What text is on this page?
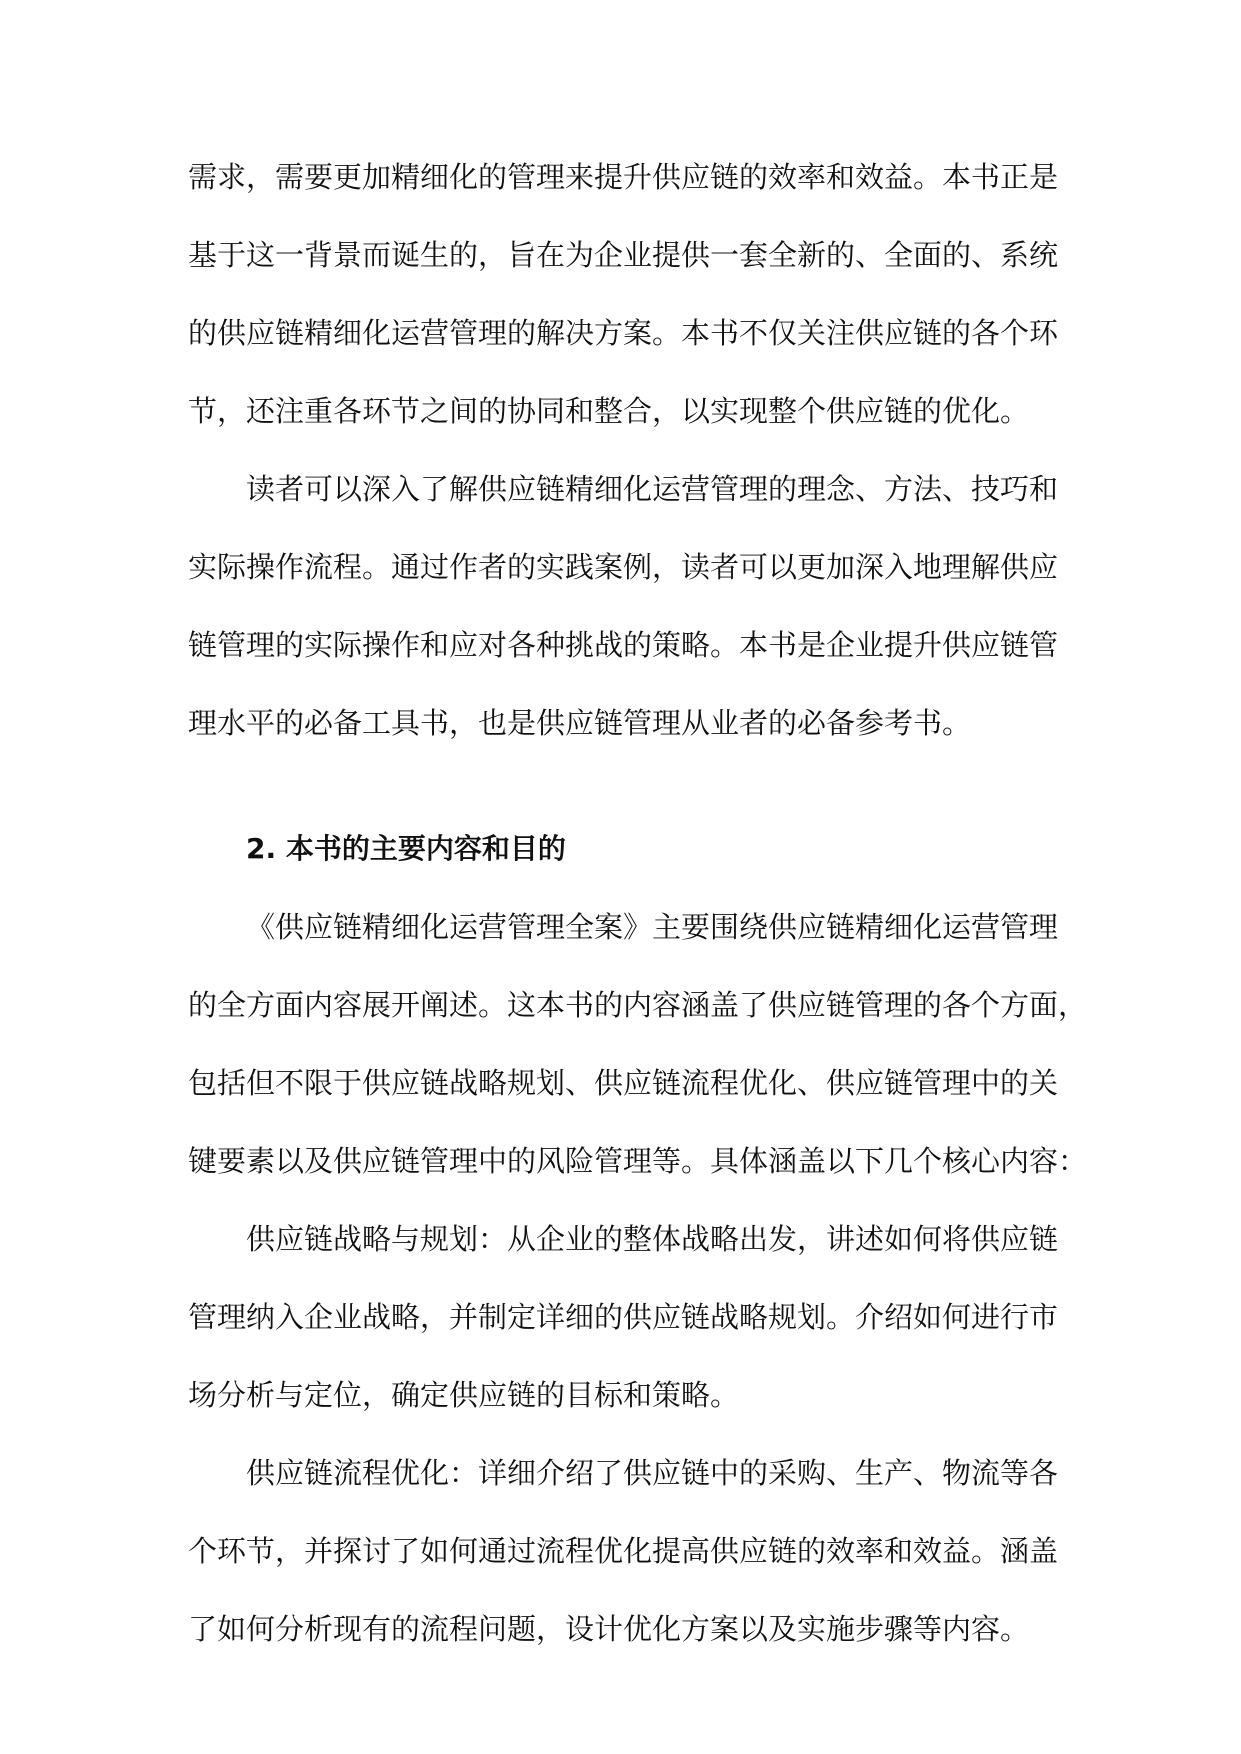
需求，需要更加精细化的管理来提升供应链的效率和效益。本书正是
基于这一背景而诞生的，旨在为企业提供一套全新的、全面的、系统
的供应链精细化运营管理的解决方案。本书不仅关注供应链的各个环
节，还注重各环节之间的协同和整合，以实现整个供应链的优化。
读者可以深入了解供应链精细化运营管理的理念、方法、技巧和
实际操作流程。通过作者的实践案例，读者可以更加深入地理解供应
链管理的实际操作和应对各种挑战的策略。本书是企业提升供应链管
理水平的必备工具书，也是供应链管理从业者的必备参考书。
2. 本书的主要内容和目的
《供应链精细化运营管理全案》主要围绕供应链精细化运营管理
的全方面内容展开阐述。这本书的内容涵盖了供应链管理的各个方面，
包括但不限于供应链战略规划、供应链流程优化、供应链管理中的关
键要素以及供应链管理中的风险管理等。具体涵盖以下几个核心内容：
供应链战略与规划：从企业的整体战略出发，讲述如何将供应链
管理纳入企业战略，并制定详细的供应链战略规划。介绍如何进行市
场分析与定位，确定供应链的目标和策略。
供应链流程优化：详细介绍了供应链中的采购、生产、物流等各
个环节，并探讨了如何通过流程优化提高供应链的效率和效益。涵盖
了如何分析现有的流程问题，设计优化方案以及实施步骤等内容。
